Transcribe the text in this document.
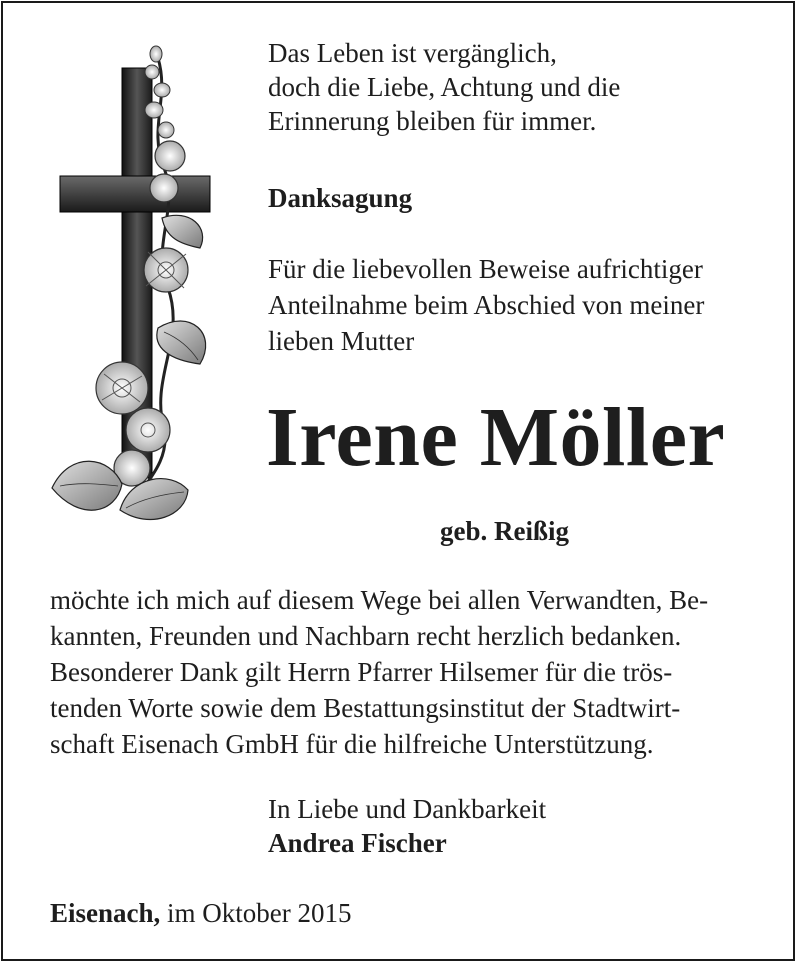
Das Leben ist vergänglich,
doch die Liebe, Achtung und die
Erinnerung bleiben für immer.
Danksagung
Für die liebevollen Beweise aufrichtiger
Anteilnahme beim Abschied von meiner
lieben Mutter
Irene Möller
geb. Reißig
möchte ich mich auf diesem Wege bei allen Verwandten, Be-
kannten, Freunden und Nachbarn recht herzlich bedanken.
Besonderer Dank gilt Herrn Pfarrer Hilsemer für die trös-
tenden Worte sowie dem Bestattungsinstitut der Stadtwirt-
schaft Eisenach GmbH für die hilfreiche Unterstützung.
In Liebe und Dankbarkeit
Andrea Fischer
Eisenach, im Oktober 2015
